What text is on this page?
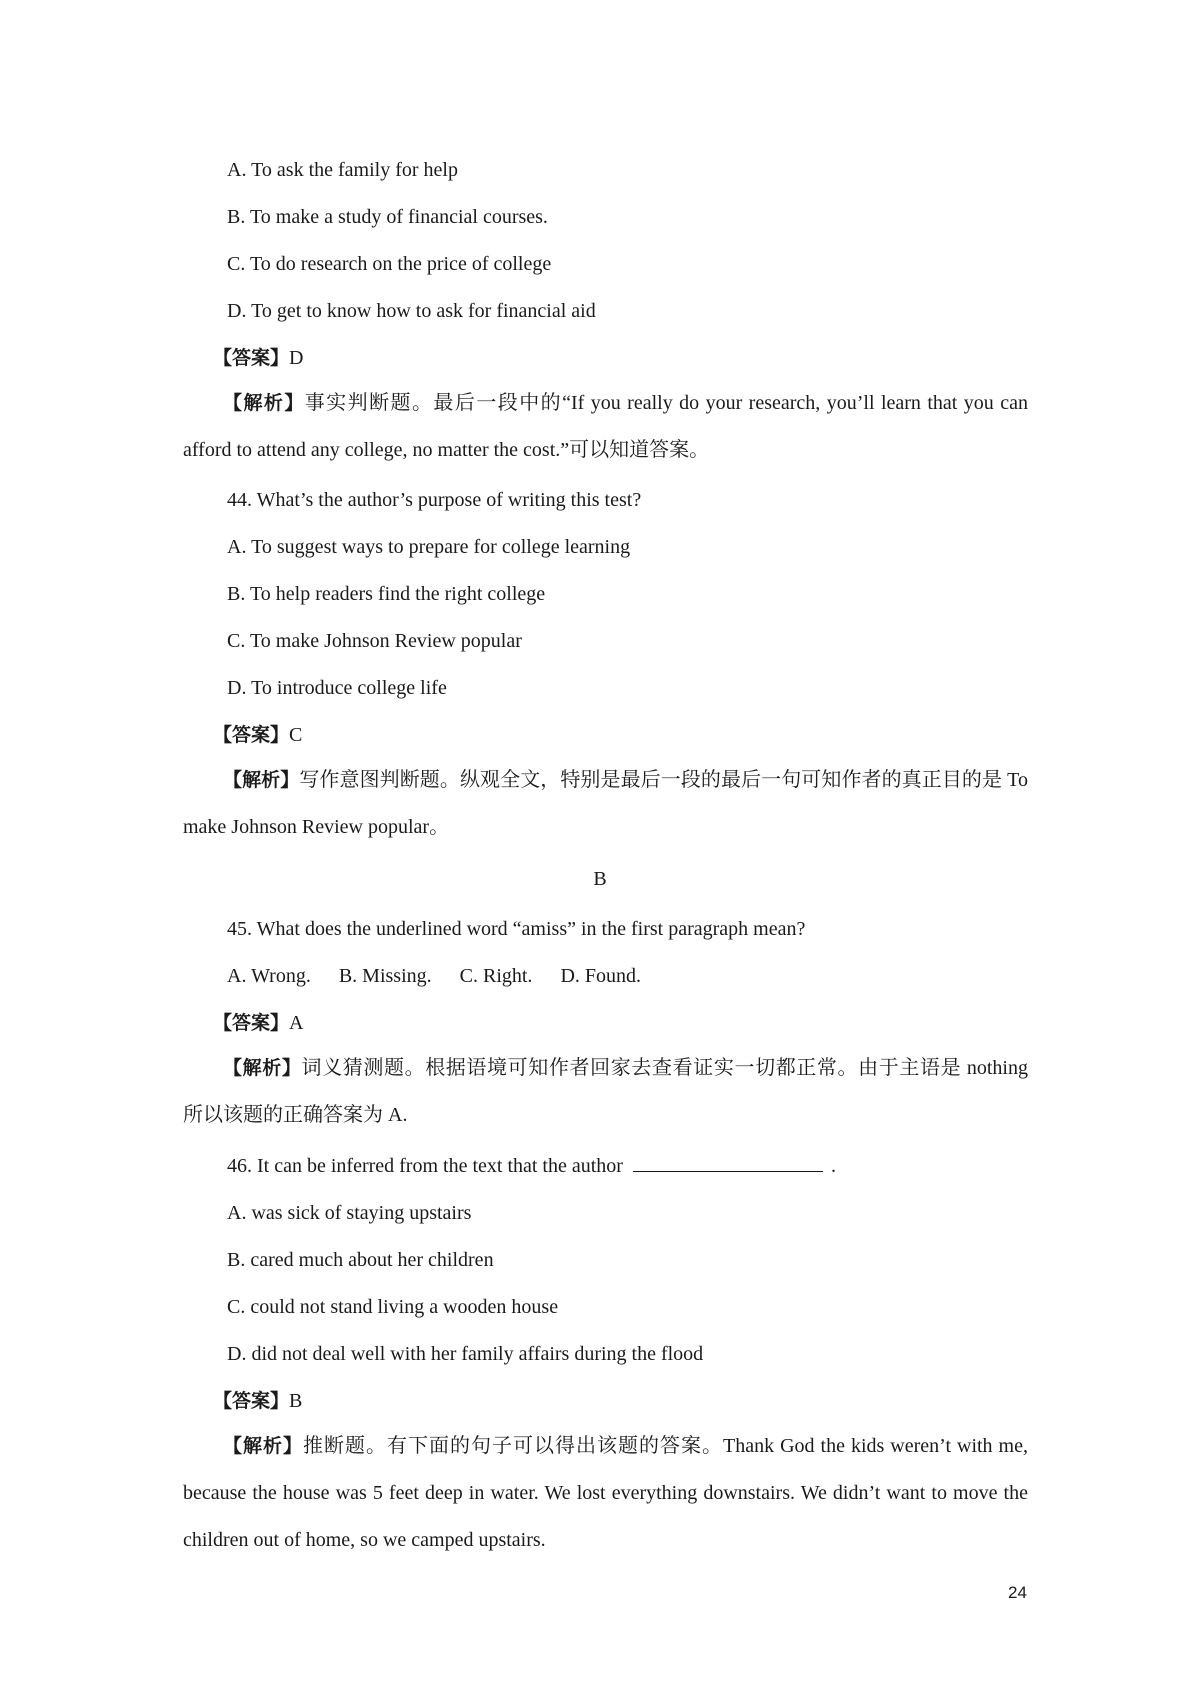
A. To ask the family for help
B. To make a study of financial courses.
C. To do research on the price of college
D. To get to know how to ask for financial aid
【答案】D
【解析】事实判断题。最后一段中的“If you really do your research, you’ll learn that you can afford to attend any college, no matter the cost.”可以知道答案。
44. What’s the author’s purpose of writing this test?
A. To suggest ways to prepare for college learning
B. To help readers find the right college
C. To make Johnson Review popular
D. To introduce college life
【答案】C
【解析】写作意图判断题。纵观全文，特别是最后一段的最后一句可知作者的真正目的是 To make Johnson Review popular。
B
45. What does the underlined word “amiss” in the first paragraph mean?
A. Wrong. B. Missing. C. Right. D. Found.
【答案】A
【解析】词义猜测题。根据语境可知作者回家去查看证实一切都正常。由于主语是 nothing 所以该题的正确答案为 A.
46. It can be inferred from the text that the author	.
A. was sick of staying upstairs
B. cared much about her children
C. could not stand living a wooden house
D. did not deal well with her family affairs during the flood
【答案】B
【解析】推断题。有下面的句子可以得出该题的答案。Thank God the kids weren’t with me, because the house was 5 feet deep in water. We lost everything downstairs. We didn’t want to move the children out of home, so we camped upstairs.
24
